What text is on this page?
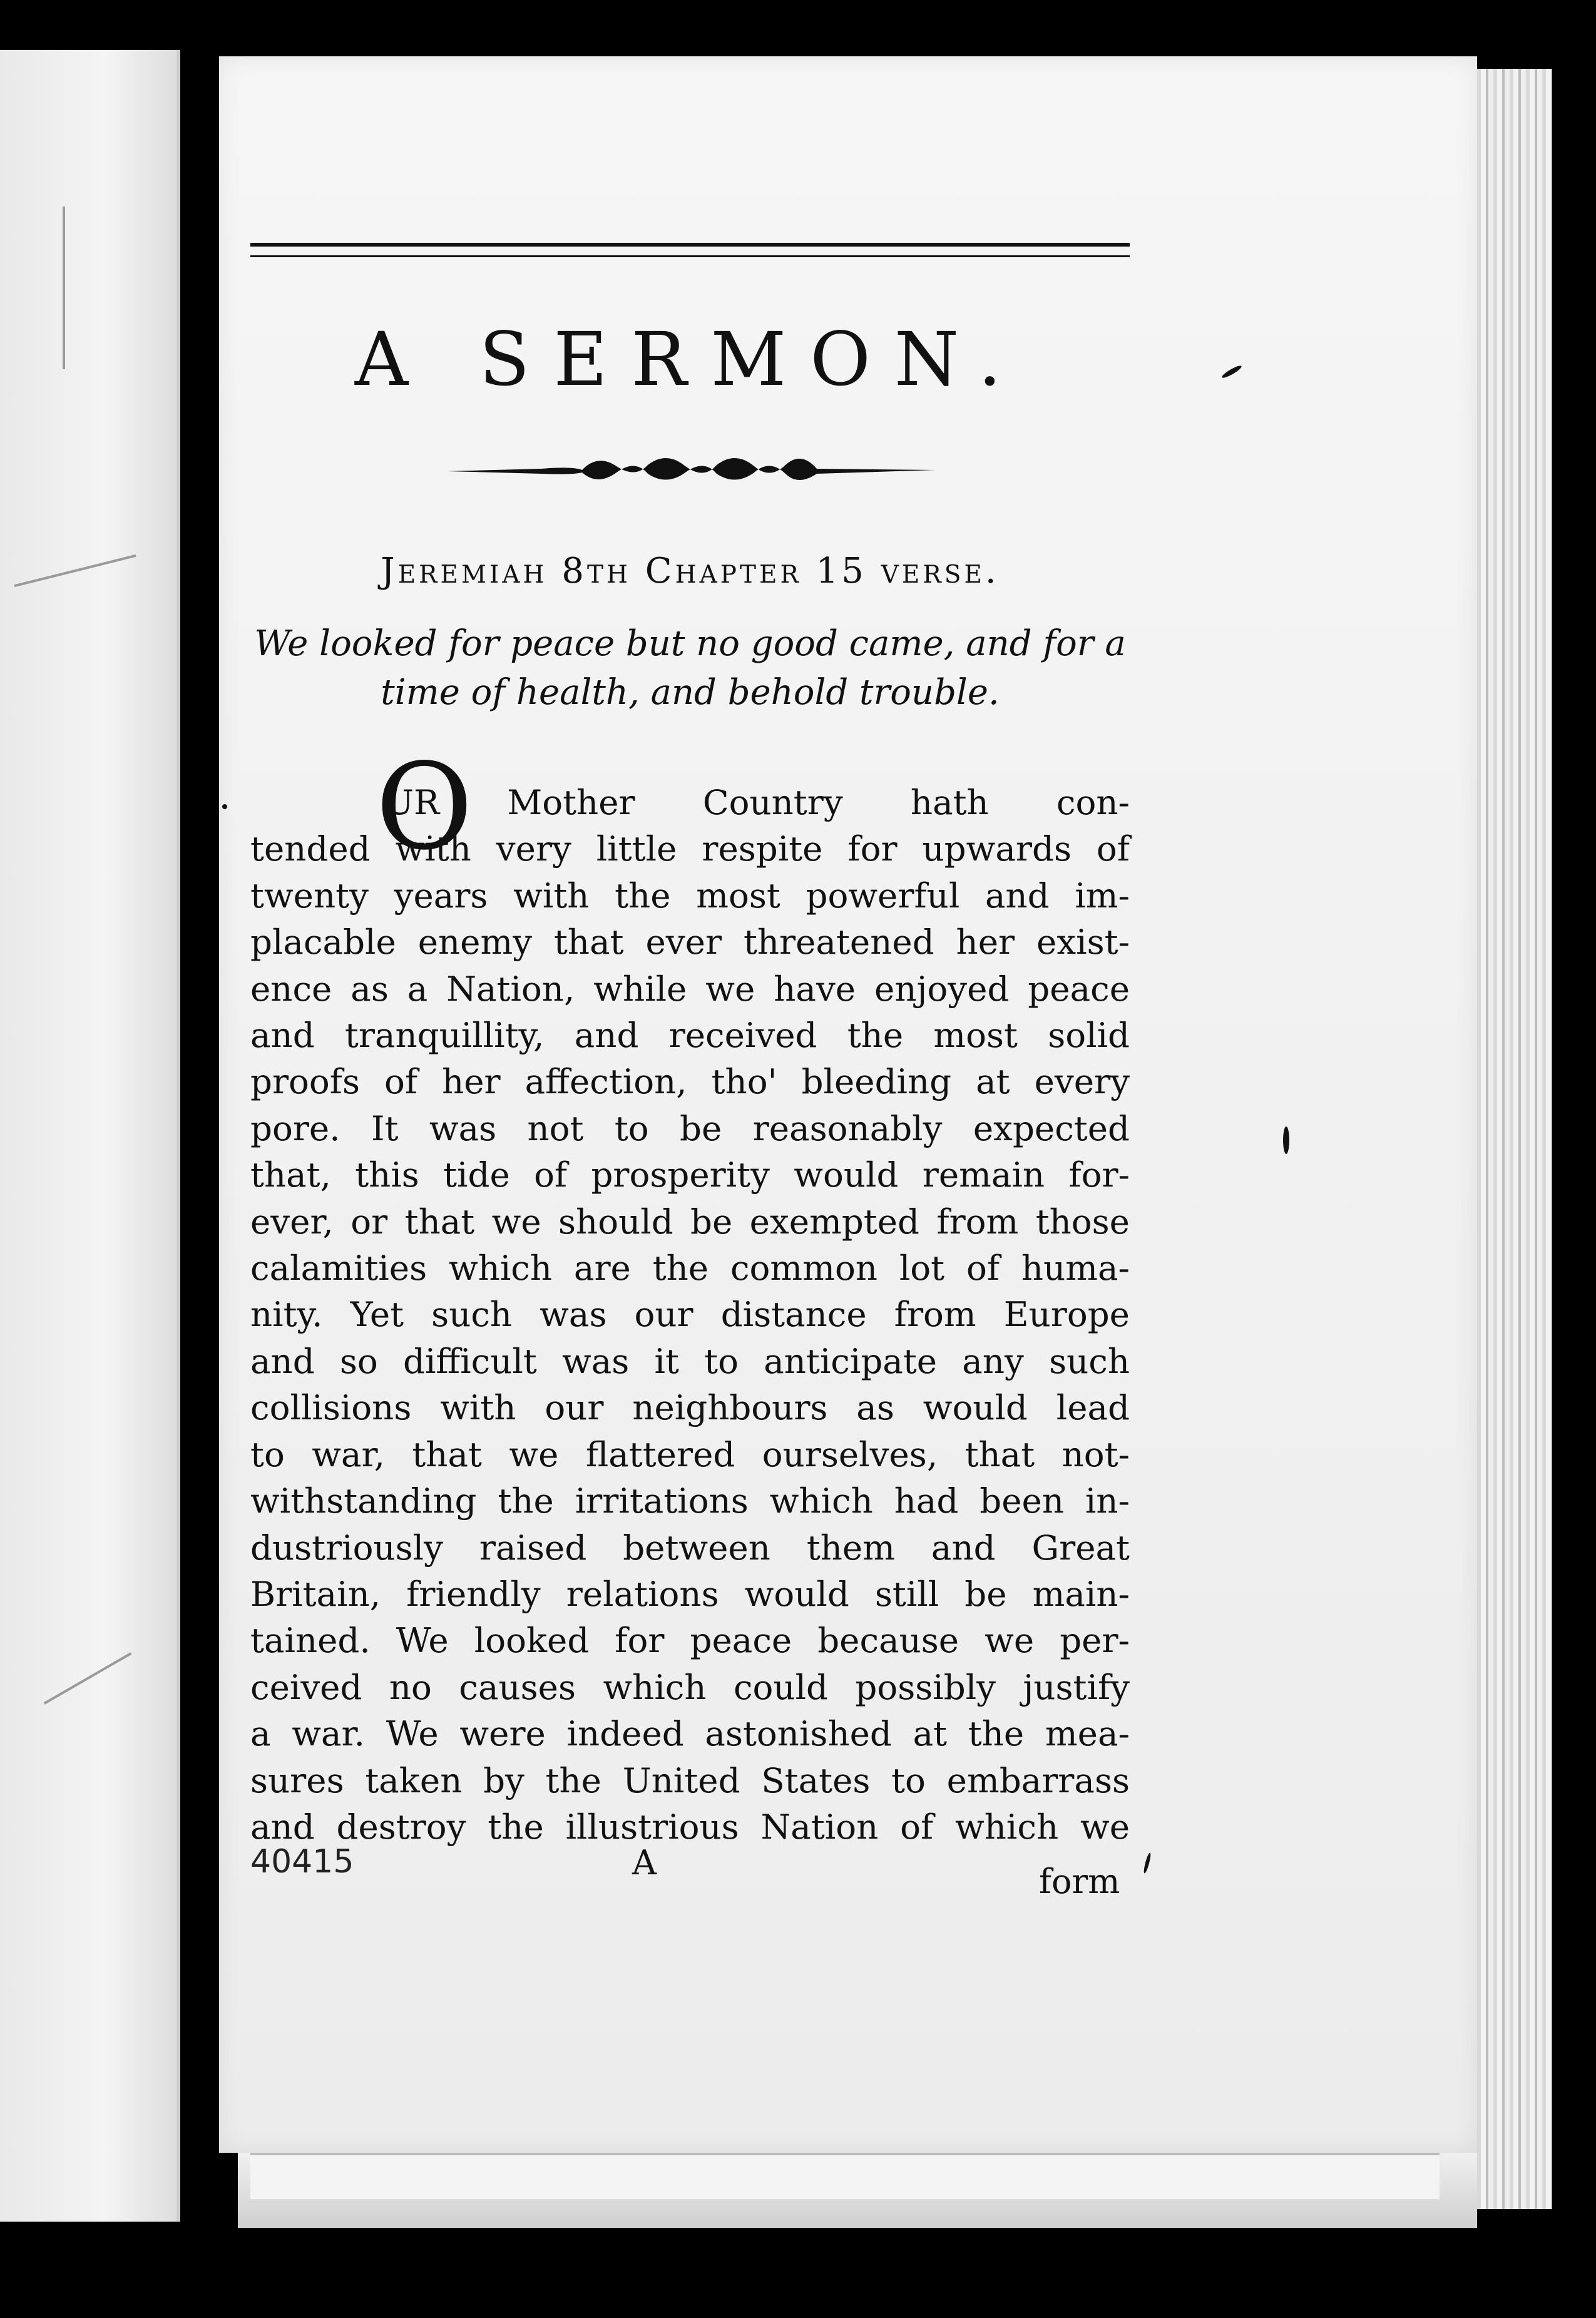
A SERMON.
Jeremiah 8th Chapter 15 verse.
We looked for peace but no good came, and for a
time of health, and behold trouble.
O
UR Mother Country hath con-
tended with very little respite for upwards of
twenty years with the most powerful and im-
placable enemy that ever threatened her exist-
ence as a Nation, while we have enjoyed peace
and tranquillity, and received the most solid
proofs of her affection, tho' bleeding at every
pore. It was not to be reasonably expected
that, this tide of prosperity would remain for-
ever, or that we should be exempted from those
calamities which are the common lot of huma-
nity. Yet such was our distance from Europe
and so difficult was it to anticipate any such
collisions with our neighbours as would lead
to war, that we flattered ourselves, that not-
withstanding the irritations which had been in-
dustriously raised between them and Great
Britain, friendly relations would still be main-
tained. We looked for peace because we per-
ceived no causes which could possibly justify
a war. We were indeed astonished at the mea-
sures taken by the United States to embarrass
and destroy the illustrious Nation of which we
40415	A	form
